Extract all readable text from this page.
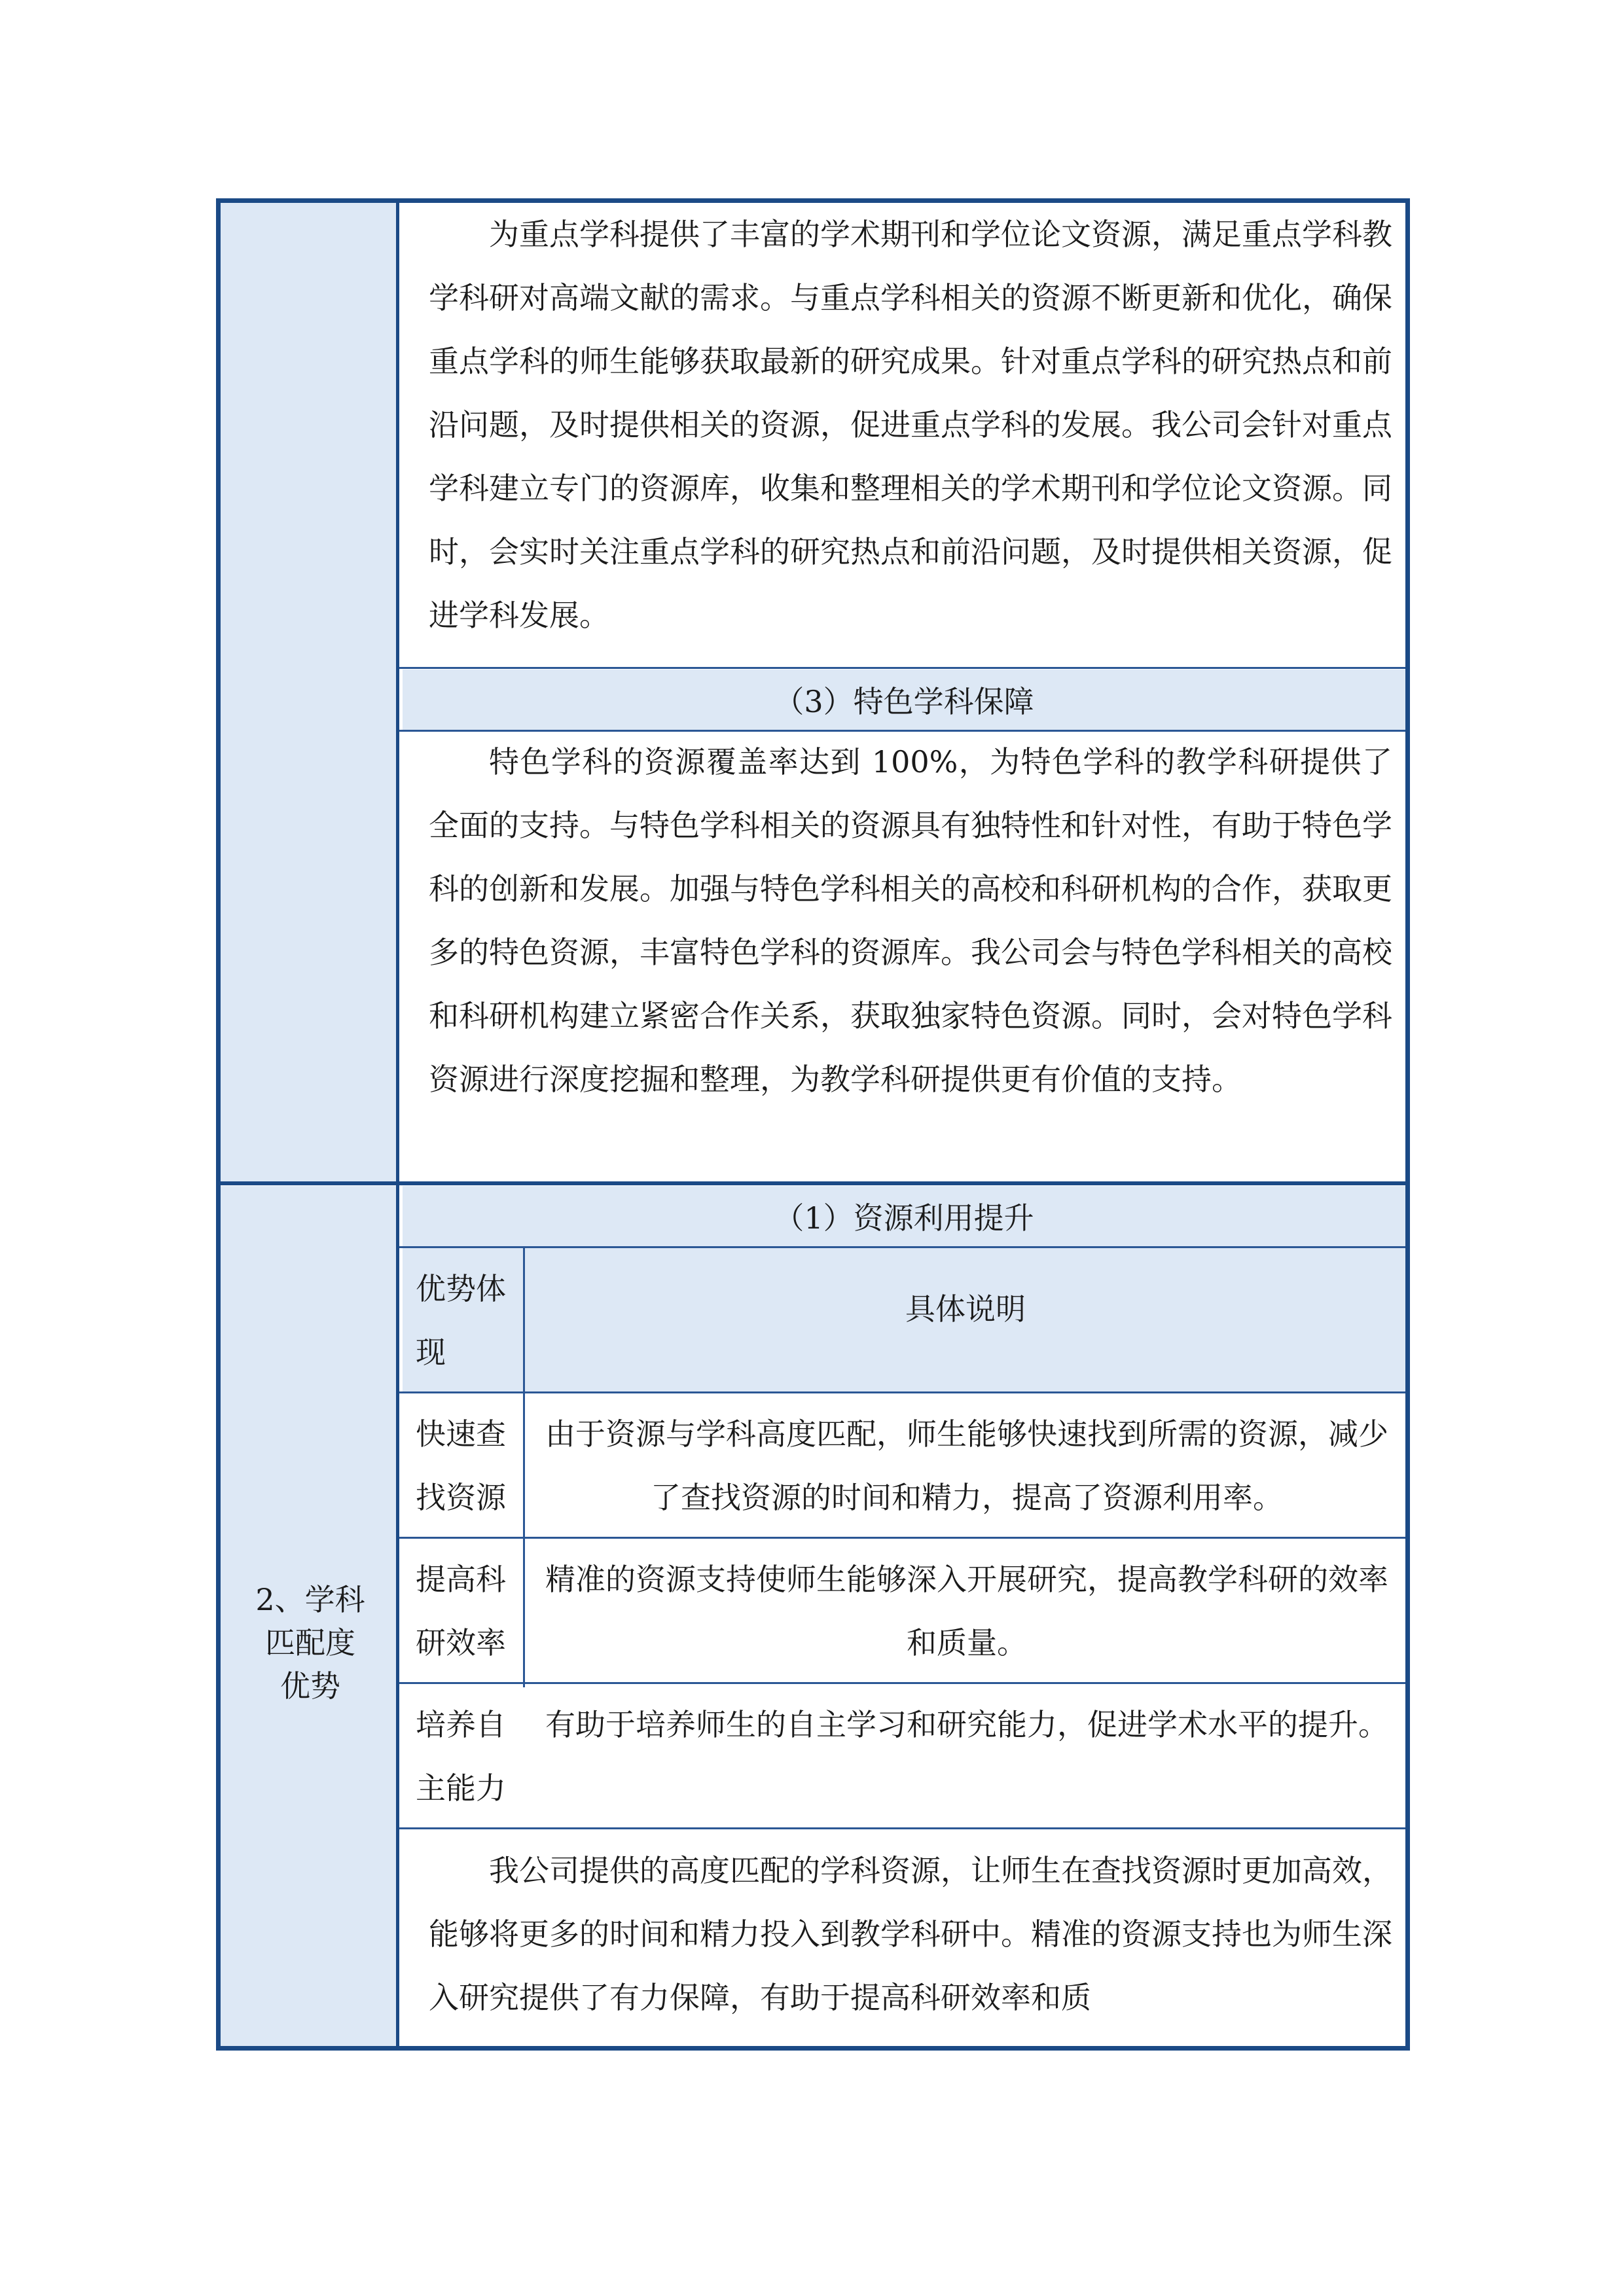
为重点学科提供了丰富的学术期刊和学位论文资源，满足重点学科教学科研对高端文献的需求。与重点学科相关的资源不断更新和优化，确保重点学科的师生能够获取最新的研究成果。针对重点学科的研究热点和前沿问题，及时提供相关的资源，促进重点学科的发展。我公司会针对重点学科建立专门的资源库，收集和整理相关的学术期刊和学位论文资源。同时，会实时关注重点学科的研究热点和前沿问题，及时提供相关资源，促进学科发展。

（3）特色学科保障

特色学科的资源覆盖率达到 100%，为特色学科的教学科研提供了全面的支持。与特色学科相关的资源具有独特性和针对性，有助于特色学科的创新和发展。加强与特色学科相关的高校和科研机构的合作，获取更多的特色资源，丰富特色学科的资源库。我公司会与特色学科相关的高校和科研机构建立紧密合作关系，获取独家特色资源。同时，会对特色学科资源进行深度挖掘和整理，为教学科研提供更有价值的支持。

2、学科匹配度优势
（1）资源利用提升
优势体现
具体说明
快速查找资源
由于资源与学科高度匹配，师生能够快速找到所需的资源，减少了查找资源的时间和精力，提高了资源利用率。
提高科研效率
精准的资源支持使师生能够深入开展研究，提高教学科研的效率和质量。
培养自主能力
有助于培养师生的自主学习和研究能力，促进学术水平的提升。

我公司提供的高度匹配的学科资源，让师生在查找资源时更加高效，能够将更多的时间和精力投入到教学科研中。精准的资源支持也为师生深入研究提供了有力保障，有助于提高科研效率和质
